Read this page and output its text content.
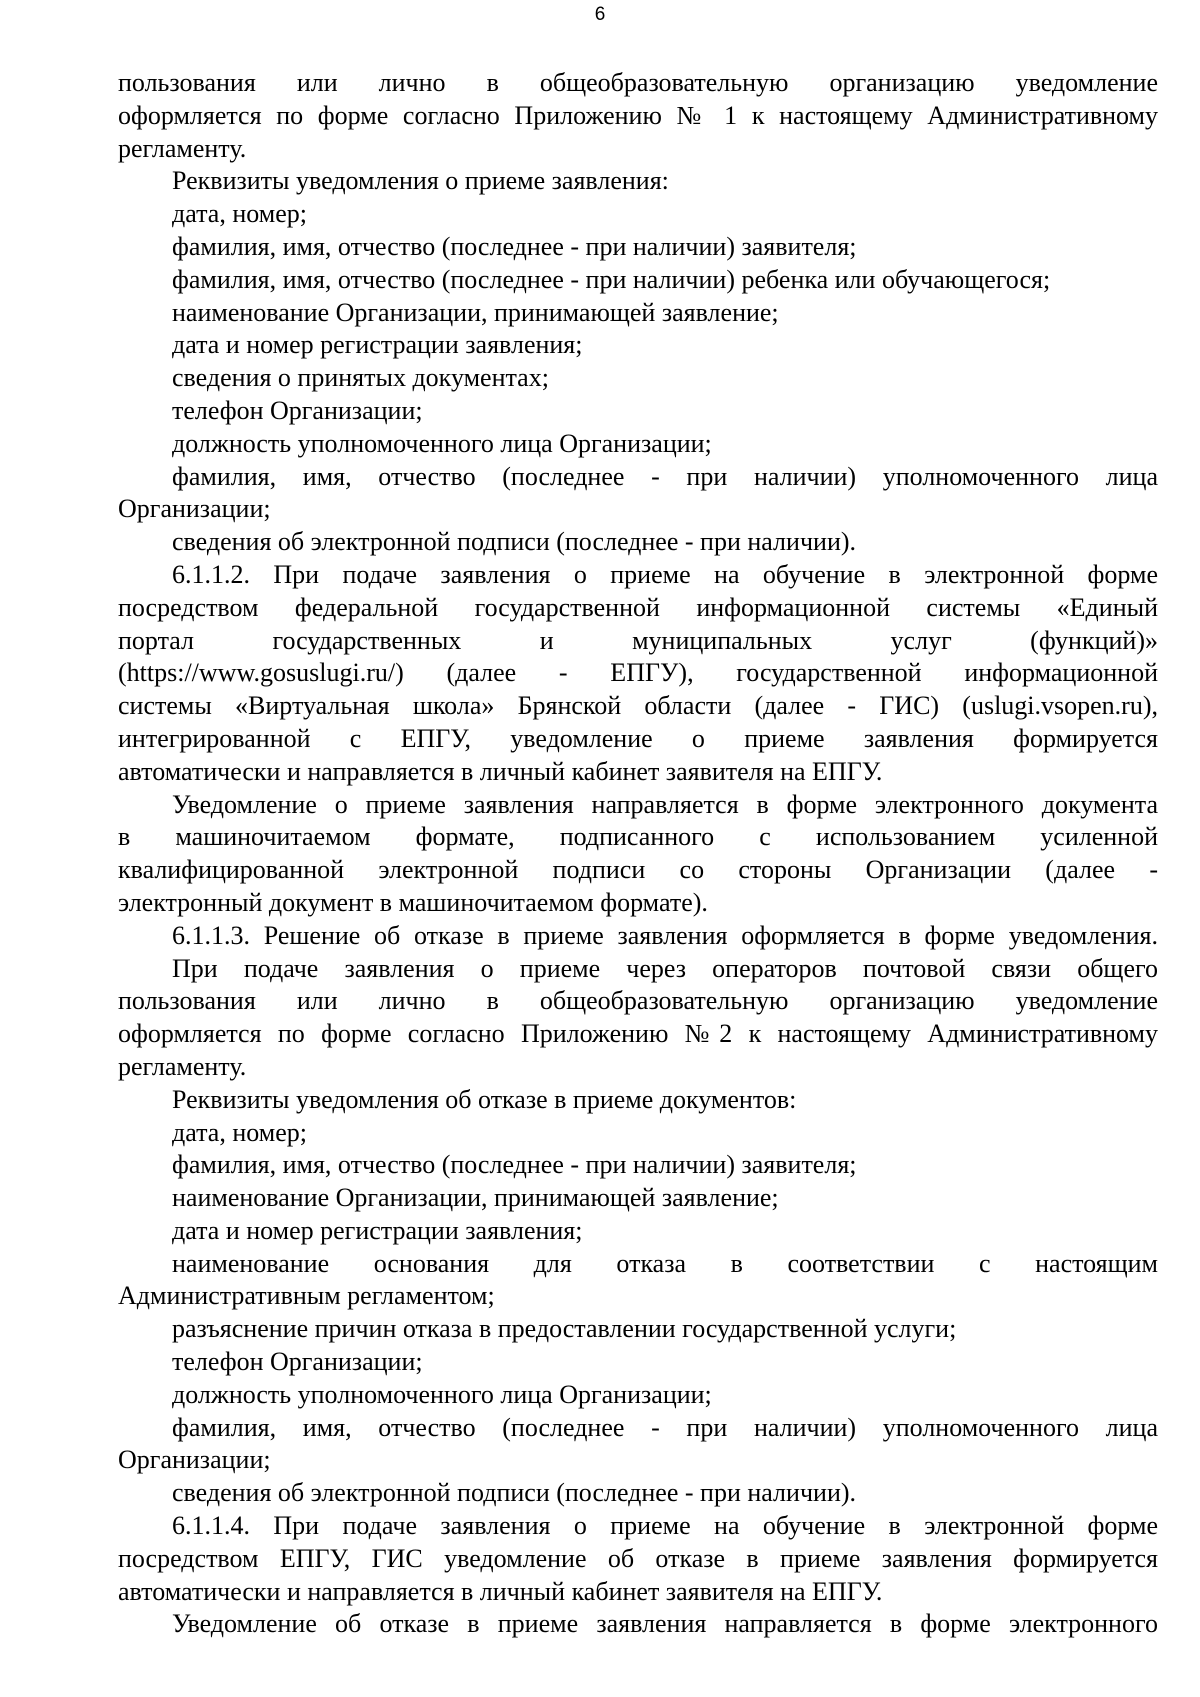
6
пользования или лично в общеобразовательную организацию уведомление
оформляется по форме согласно Приложению № 1 к настоящему Административному
регламенту.
Реквизиты уведомления о приеме заявления:
дата, номер;
фамилия, имя, отчество (последнее - при наличии) заявителя;
фамилия, имя, отчество (последнее - при наличии) ребенка или обучающегося;
наименование Организации, принимающей заявление;
дата и номер регистрации заявления;
сведения о принятых документах;
телефон Организации;
должность уполномоченного лица Организации;
фамилия, имя, отчество (последнее - при наличии) уполномоченного лица
Организации;
сведения об электронной подписи (последнее - при наличии).
6.1.1.2. При подаче заявления о приеме на обучение в электронной форме
посредством федеральной государственной информационной системы «Единый
портал государственных и муниципальных услуг (функций)»
(https://www.gosuslugi.ru/) (далее - ЕПГУ), государственной информационной
системы «Виртуальная школа» Брянской области (далее - ГИС) (uslugi.vsopen.ru),
интегрированной с ЕПГУ, уведомление о приеме заявления формируется
автоматически и направляется в личный кабинет заявителя на ЕПГУ.
Уведомление о приеме заявления направляется в форме электронного документа
в машиночитаемом формате, подписанного с использованием усиленной
квалифицированной электронной подписи со стороны Организации (далее -
электронный документ в машиночитаемом формате).
6.1.1.3. Решение об отказе в приеме заявления оформляется в форме уведомления.
При подаче заявления о приеме через операторов почтовой связи общего
пользования или лично в общеобразовательную организацию уведомление
оформляется по форме согласно Приложению №2 к настоящему Административному
регламенту.
Реквизиты уведомления об отказе в приеме документов:
дата, номер;
фамилия, имя, отчество (последнее - при наличии) заявителя;
наименование Организации, принимающей заявление;
дата и номер регистрации заявления;
наименование основания для отказа в соответствии с настоящим
Административным регламентом;
разъяснение причин отказа в предоставлении государственной услуги;
телефон Организации;
должность уполномоченного лица Организации;
фамилия, имя, отчество (последнее - при наличии) уполномоченного лица
Организации;
сведения об электронной подписи (последнее - при наличии).
6.1.1.4. При подаче заявления о приеме на обучение в электронной форме
посредством ЕПГУ, ГИС уведомление об отказе в приеме заявления формируется
автоматически и направляется в личный кабинет заявителя на ЕПГУ.
Уведомление об отказе в приеме заявления направляется в форме электронного
